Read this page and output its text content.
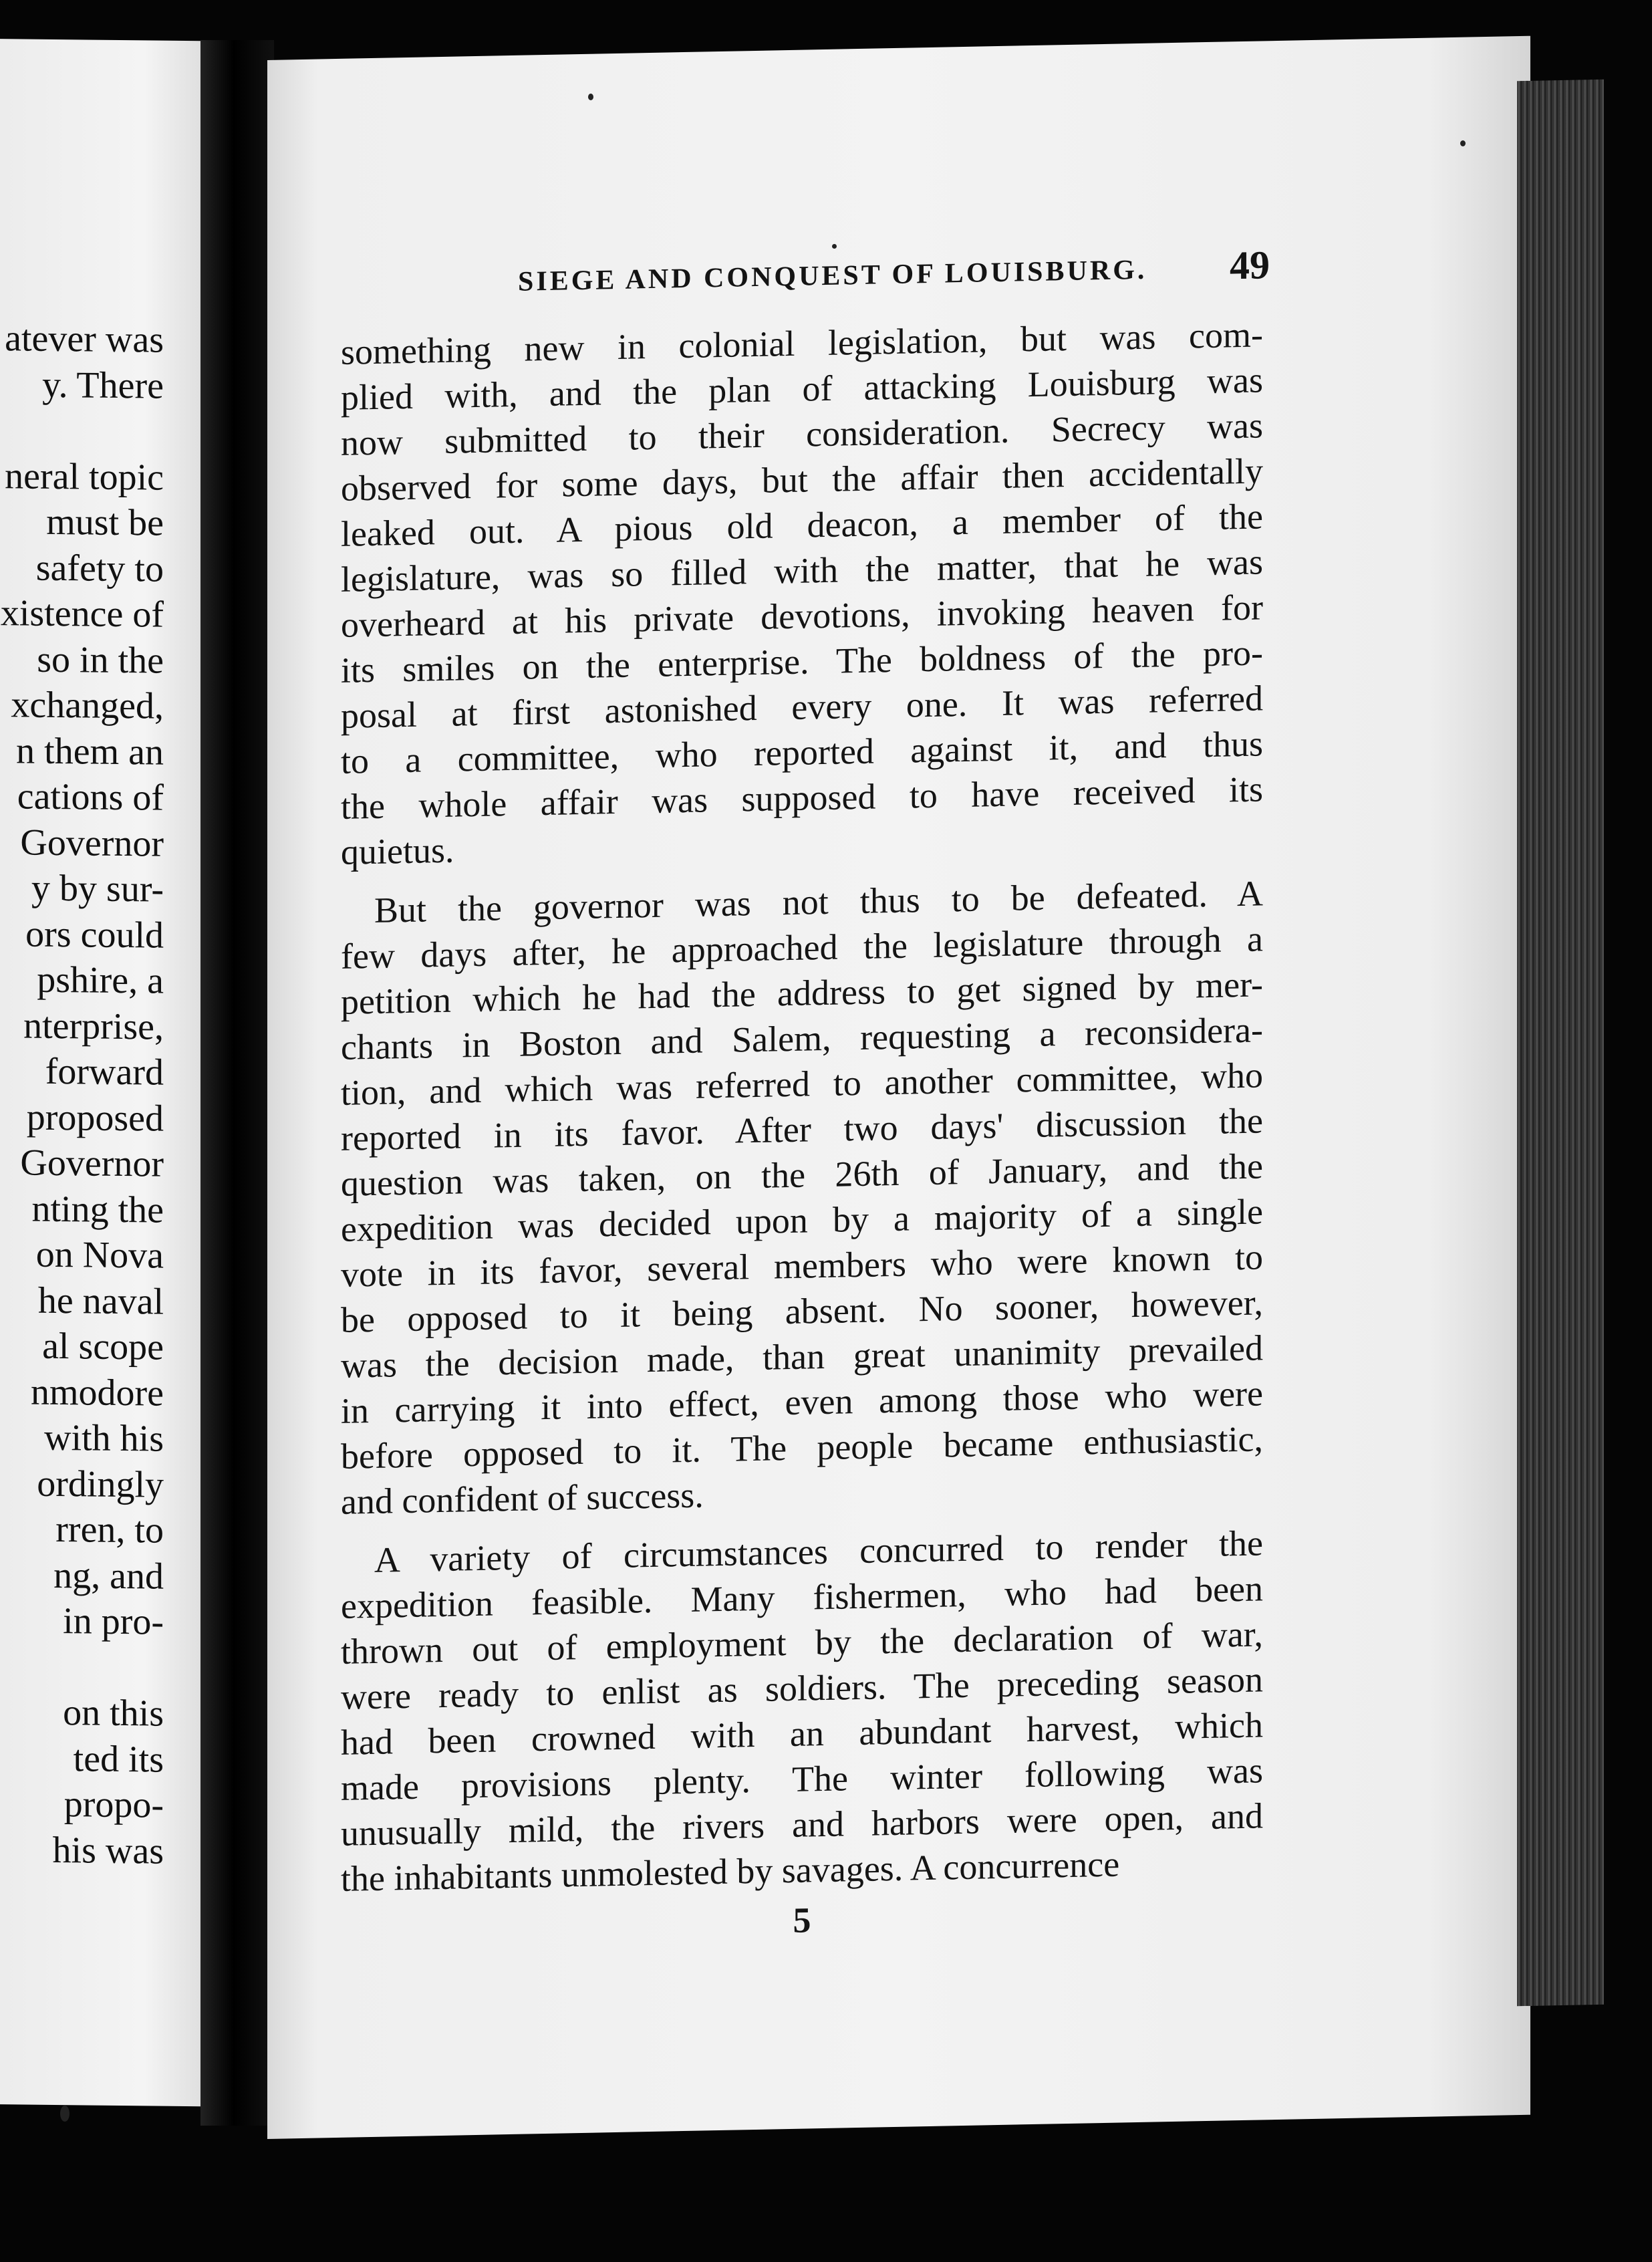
atever was
y. There
neral topic
must be
safety to
xistence of
so in the
xchanged,
n them an
cations of
Governor
y by sur-
ors could
pshire, a
nterprise,
forward
proposed
Governor
nting the
on Nova
he naval
al scope
nmodore
with his
ordingly
rren, to
ng, and
in pro-
on this
ted its
propo-
his was
SIEGE AND CONQUEST OF LOUISBURG. 49
something new in colonial legislation, but was com-
plied with, and the plan of attacking Louisburg was
now submitted to their consideration. Secrecy was
observed for some days, but the affair then accidentally
leaked out. A pious old deacon, a member of the
legislature, was so filled with the matter, that he was
overheard at his private devotions, invoking heaven for
its smiles on the enterprise. The boldness of the pro-
posal at first astonished every one. It was referred
to a committee, who reported against it, and thus
the whole affair was supposed to have received its
quietus.
But the governor was not thus to be defeated. A
few days after, he approached the legislature through a
petition which he had the address to get signed by mer-
chants in Boston and Salem, requesting a reconsidera-
tion, and which was referred to another committee, who
reported in its favor. After two days' discussion the
question was taken, on the 26th of January, and the
expedition was decided upon by a majority of a single
vote in its favor, several members who were known to
be opposed to it being absent. No sooner, however,
was the decision made, than great unanimity prevailed
in carrying it into effect, even among those who were
before opposed to it. The people became enthusiastic,
and confident of success.
A variety of circumstances concurred to render the
expedition feasible. Many fishermen, who had been
thrown out of employment by the declaration of war,
were ready to enlist as soldiers. The preceding season
had been crowned with an abundant harvest, which
made provisions plenty. The winter following was
unusually mild, the rivers and harbors were open, and
the inhabitants unmolested by savages. A concurrence
5
